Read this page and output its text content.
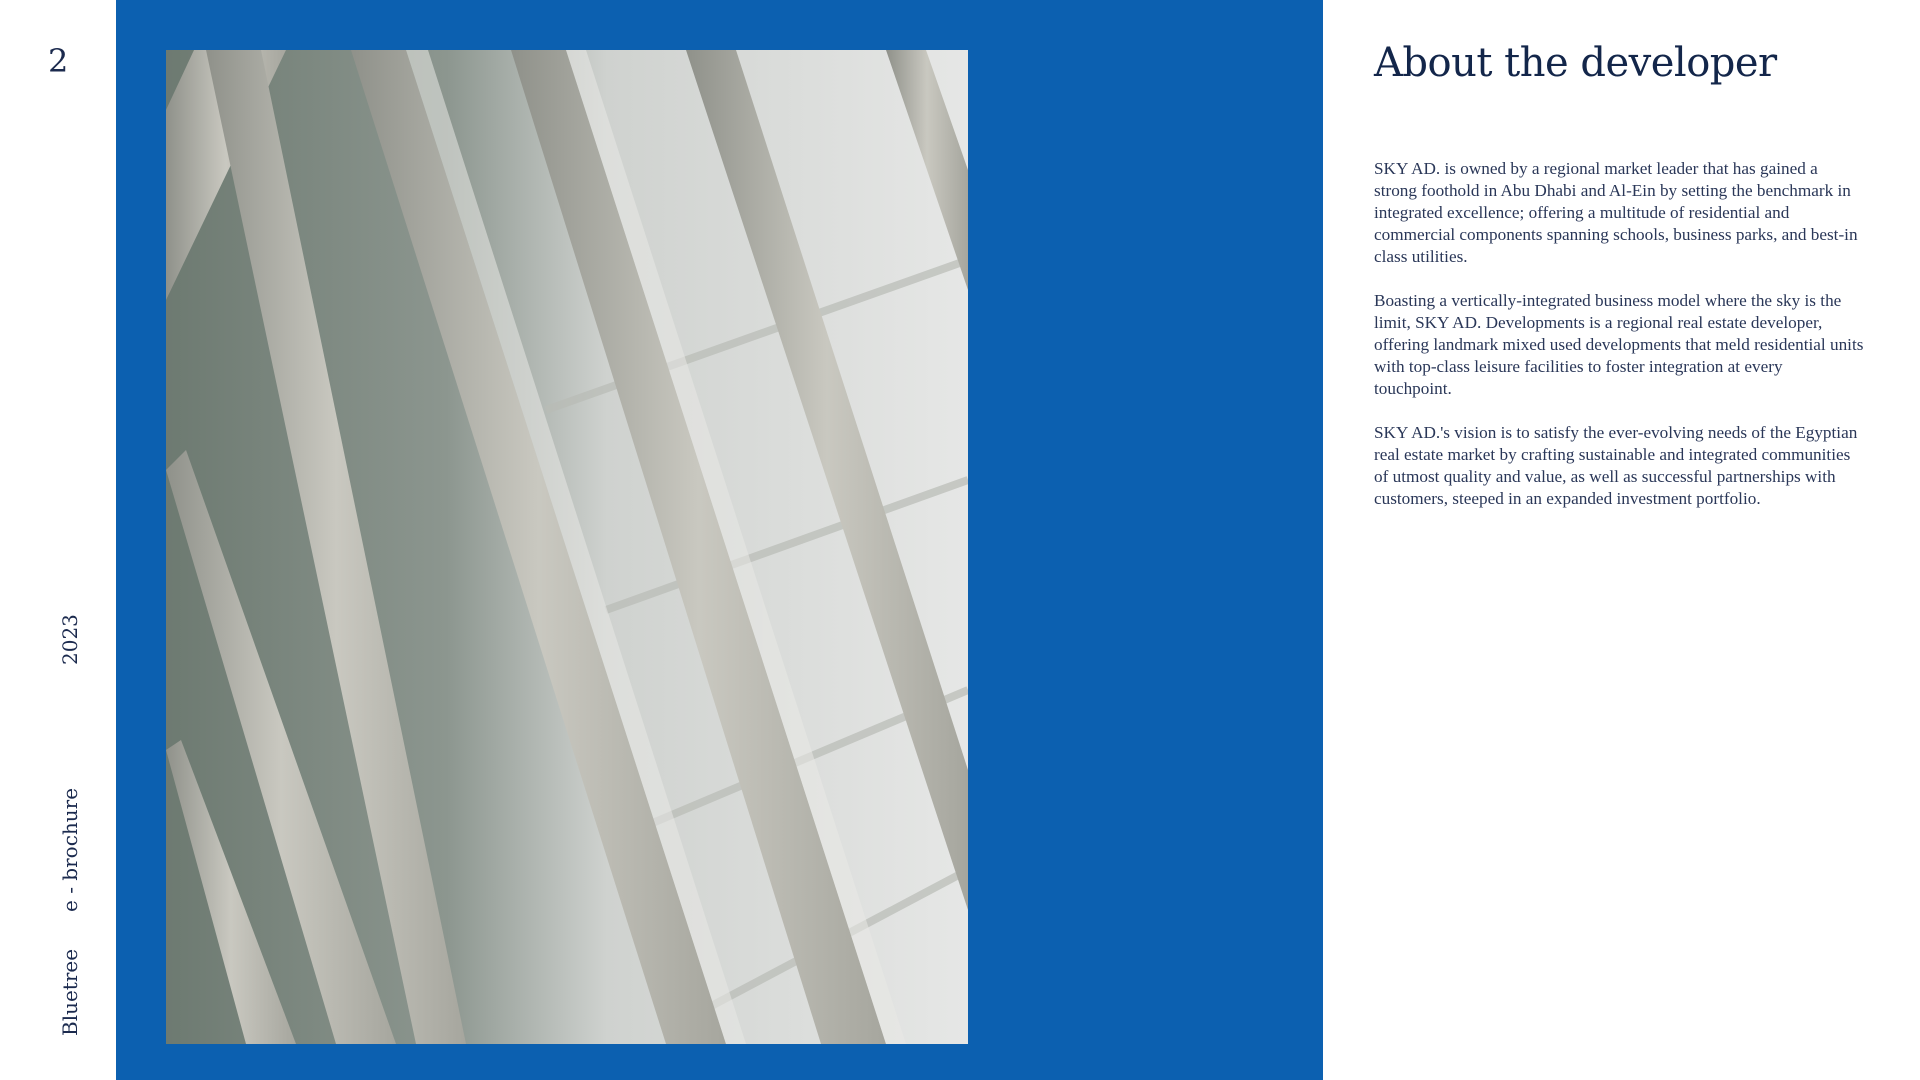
2
2023
e - brochure
Bluetree
About the developer

SKY AD. is owned by a regional market leader that has gained a strong foothold in Abu Dhabi and Al-Ein by setting the benchmark in integrated excellence; offering a multitude of residential and commercial components spanning schools, business parks, and best-in class utilities.

Boasting a vertically-integrated business model where the sky is the limit, SKY AD. Developments is a regional real estate developer, offering landmark mixed used developments that meld residential units with top-class leisure facilities to foster integration at every touchpoint.

SKY AD.'s vision is to satisfy the ever-evolving needs of the Egyptian real estate market by crafting sustainable and integrated communities of utmost quality and value, as well as successful partnerships with customers, steeped in an expanded investment portfolio.
